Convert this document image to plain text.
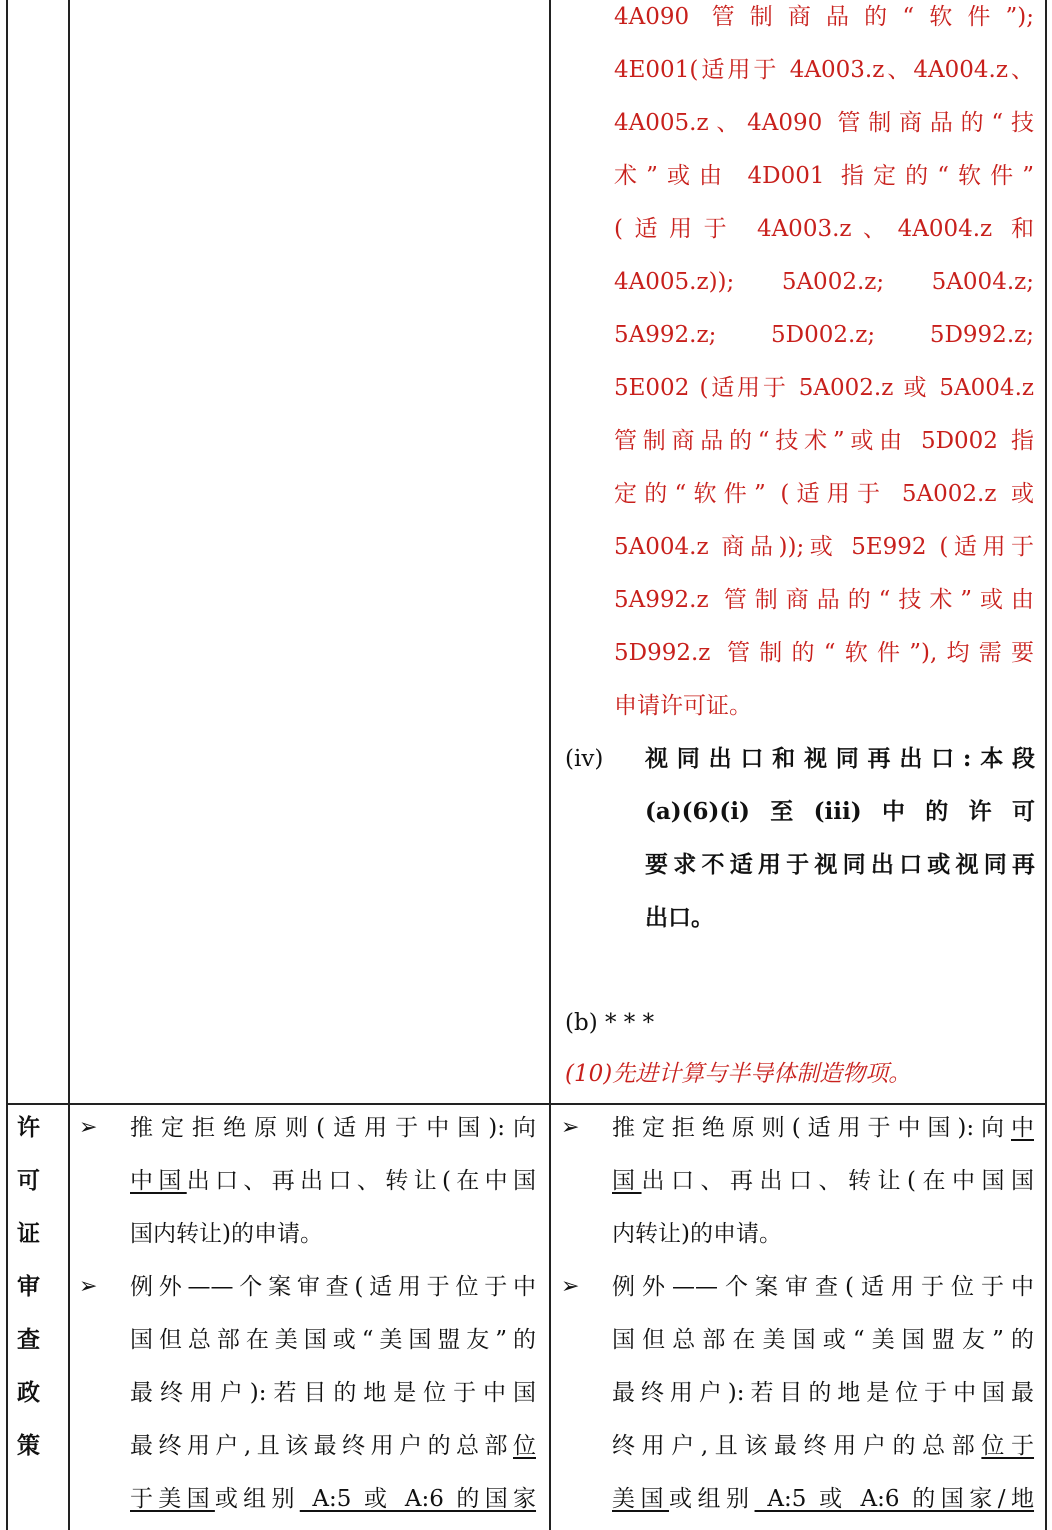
4A090 管制商品的“软件”);
4E001(适用于 4A003.z、4A004.z、
4A005.z、4A090 管制商品的“技
术”或由 4D001 指定的“软件”
(适用于 4A003.z、4A004.z 和
4A005.z)); 5A002.z; 5A004.z;
5A992.z; 5D002.z; 5D992.z;
5E002 (适用于 5A002.z 或 5A004.z
管制商品的“技术”或由 5D002 指
定的“软件” (适用于 5A002.z 或
5A004.z 商品));或 5E992 (适用于
5A992.z 管制商品的“技术”或由
5D992.z 管制的“软件”),均需要
申请许可证。
(iv) 视同出口和视同再出口:本段
(a)(6)(i)至(iii)中的许可
要求不适用于视同出口或视同再
出口。
(b) * * *
(10)先进计算与半导体制造物项。
许
可
证
审
查
政
策
➢ 推定拒绝原则(适用于中国):向
中国出口、再出口、转让(在中国
国内转让)的申请。
➢ 例外——个案审查(适用于位于中
国但总部在美国或“美国盟友”的
最终用户):若目的地是位于中国
最终用户,且该最终用户的总部位
于美国或组别 A:5 或 A:6 的国家
➢ 推定拒绝原则(适用于中国):向中
国出口、再出口、转让(在中国国
内转让)的申请。
➢ 例外——个案审查(适用于位于中
国但总部在美国或“美国盟友”的
最终用户):若目的地是位于中国最
终用户,且该最终用户的总部位于
美国或组别 A:5 或 A:6 的国家/地
